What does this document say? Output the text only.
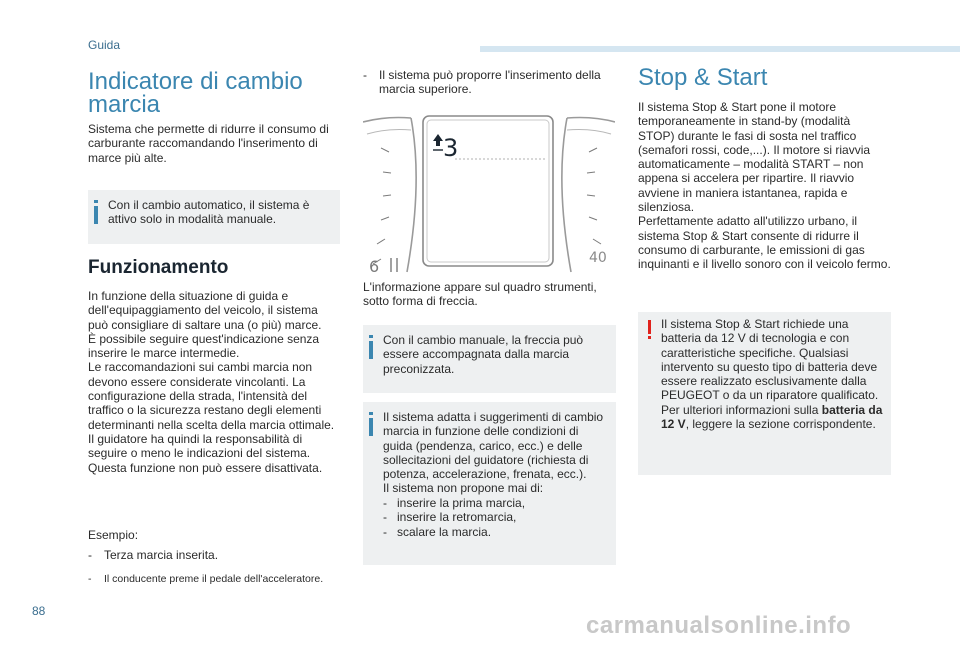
Guida
Indicatore di cambio
marcia

Sistema che permette di ridurre il consumo di
carburante raccomandando l'inserimento di
marce più alte.

Con il cambio automatico, il sistema è
attivo solo in modalità manuale.

Funzionamento

In funzione della situazione di guida e
dell'equipaggiamento del veicolo, il sistema
può consigliare di saltare una (o più) marce.
È possibile seguire quest'indicazione senza
inserire le marce intermedie.
Le raccomandazioni sui cambi marcia non
devono essere considerate vincolanti. La
configurazione della strada, l'intensità del
traffico o la sicurezza restano degli elementi
determinanti nella scelta della marcia ottimale.
Il guidatore ha quindi la responsabilità di
seguire o meno le indicazioni del sistema.
Questa funzione non può essere disattivata.

Esempio:

-	Terza marcia inserita.
-	Il conducente preme il pedale dell'acceleratore.
-	Il sistema può proporre l'inserimento della
marcia superiore.
6
3
40

L'informazione appare sul quadro strumenti,
sotto forma di freccia.

Con il cambio manuale, la freccia può
essere accompagnata dalla marcia
preconizzata.

Il sistema adatta i suggerimenti di cambio
marcia in funzione delle condizioni di
guida (pendenza, carico, ecc.) e delle
sollecitazioni del guidatore (richiesta di
potenza, accelerazione, frenata, ecc.).
Il sistema non propone mai di:

- inserire la prima marcia,
- inserire la retromarcia,
- scalare la marcia.
Stop & Start

Il sistema Stop & Start pone il motore
temporaneamente in stand-by (modalità
STOP) durante le fasi di sosta nel traffico
(semafori rossi, code,...). Il motore si riavvia
automaticamente – modalità START – non
appena si accelera per ripartire. Il riavvio
avviene in maniera istantanea, rapida e
silenziosa.
Perfettamente adatto all'utilizzo urbano, il
sistema Stop & Start consente di ridurre il
consumo di carburante, le emissioni di gas
inquinanti e il livello sonoro con il veicolo fermo.

Il sistema Stop & Start richiede una
batteria da 12 V di tecnologia e con
caratteristiche specifiche. Qualsiasi
intervento su questo tipo di batteria deve
essere realizzato esclusivamente dalla
PEUGEOT o da un riparatore qualificato.
Per ulteriori informazioni sulla batteria da
12 V, leggere la sezione corrispondente.

88
carmanualsonline.info
